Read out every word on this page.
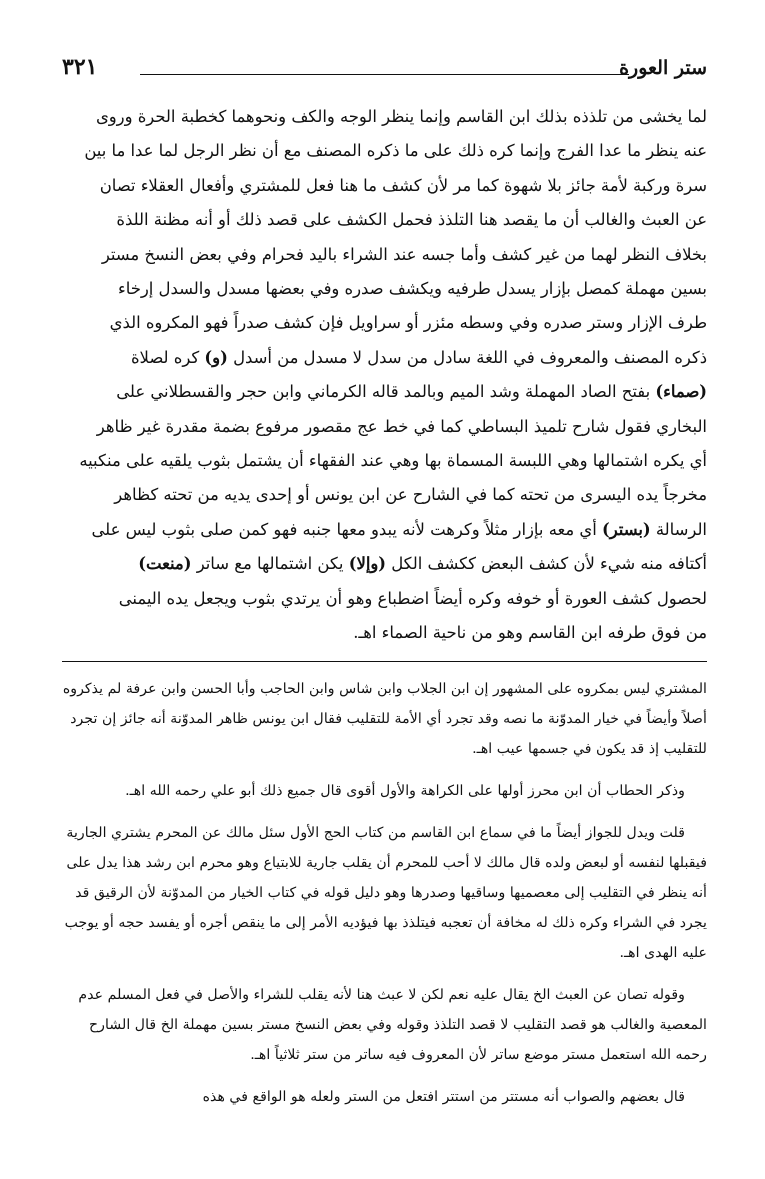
ستر العورة
٣٢١
لما يخشى من تلذذه بذلك ابن القاسم وإنما ينظر الوجه والكف ونحوهما كخطبة الحرة وروى
عنه ينظر ما عدا الفرج وإنما كره ذلك على ما ذكره المصنف مع أن نظر الرجل لما عدا ما بين
سرة وركبة لأمة جائز بلا شهوة كما مر لأن كشف ما هنا فعل للمشتري وأفعال العقلاء تصان
عن العبث والغالب أن ما يقصد هنا التلذذ فحمل الكشف على قصد ذلك أو أنه مظنة اللذة
بخلاف النظر لهما من غير كشف وأما جسه عند الشراء باليد فحرام وفي بعض النسخ مستر
بسين مهملة كمصل بإزار يسدل طرفيه ويكشف صدره وفي بعضها مسدل والسدل إرخاء
طرف الإزار وستر صدره وفي وسطه مئزر أو سراويل فإن كشف صدراً فهو المكروه الذي
ذكره المصنف والمعروف في اللغة سادل من سدل لا مسدل من أسدل (و) كره لصلاة
(صماء) بفتح الصاد المهملة وشد الميم وبالمد قاله الكرماني وابن حجر والقسطلاني على
البخاري فقول شارح تلميذ البساطي كما في خط عج مقصور مرفوع بضمة مقدرة غير ظاهر
أي يكره اشتمالها وهي اللبسة المسماة بها وهي عند الفقهاء أن يشتمل بثوب يلقيه على منكبيه
مخرجاً يده اليسرى من تحته كما في الشارح عن ابن يونس أو إحدى يديه من تحته كظاهر
الرسالة (بستر) أي معه بإزار مثلاً وكرهت لأنه يبدو معها جنبه فهو كمن صلى بثوب ليس على
أكتافه منه شيء لأن كشف البعض ككشف الكل (وإلا) يكن اشتمالها مع ساتر (منعت)
لحصول كشف العورة أو خوفه وكره أيضاً اضطباع وهو أن يرتدي بثوب ويجعل يده اليمنى
من فوق طرفه ابن القاسم وهو من ناحية الصماء اهـ.

المشتري ليس بمكروه على المشهور إن ابن الجلاب وابن شاس وابن الحاجب وأبا الحسن وابن عرفة لم يذكروه أصلاً وأيضاً في خيار المدوّنة ما نصه وقد تجرد أي الأمة للتقليب فقال ابن يونس ظاهر المدوّنة أنه جائز إن تجرد للتقليب إذ قد يكون في جسمها عيب اهـ.

وذكر الحطاب أن ابن محرز أولها على الكراهة والأول أقوى قال جميع ذلك أبو علي رحمه الله اهـ.

قلت ويدل للجواز أيضاً ما في سماع ابن القاسم من كتاب الحج الأول سئل مالك عن المحرم يشتري الجارية فيقبلها لنفسه أو لبعض ولده قال مالك لا أحب للمحرم أن يقلب جارية للابتياع وهو محرم ابن رشد هذا يدل على أنه ينظر في التقليب إلى معصميها وساقيها وصدرها وهو دليل قوله في كتاب الخيار من المدوّنة لأن الرقيق قد يجرد في الشراء وكره ذلك له مخافة أن تعجبه فيتلذذ بها فيؤديه الأمر إلى ما ينقص أجره أو يفسد حجه أو يوجب عليه الهدى اهـ.

وقوله تصان عن العبث الخ يقال عليه نعم لكن لا عبث هنا لأنه يقلب للشراء والأصل في فعل المسلم عدم المعصية والغالب هو قصد التقليب لا قصد التلذذ وقوله وفي بعض النسخ مستر بسين مهملة الخ قال الشارح رحمه الله استعمل مستر موضع ساتر لأن المعروف فيه ساتر من ستر ثلاثياً اهـ.

قال بعضهم والصواب أنه مستتر من استتر افتعل من الستر ولعله هو الواقع في هذه
